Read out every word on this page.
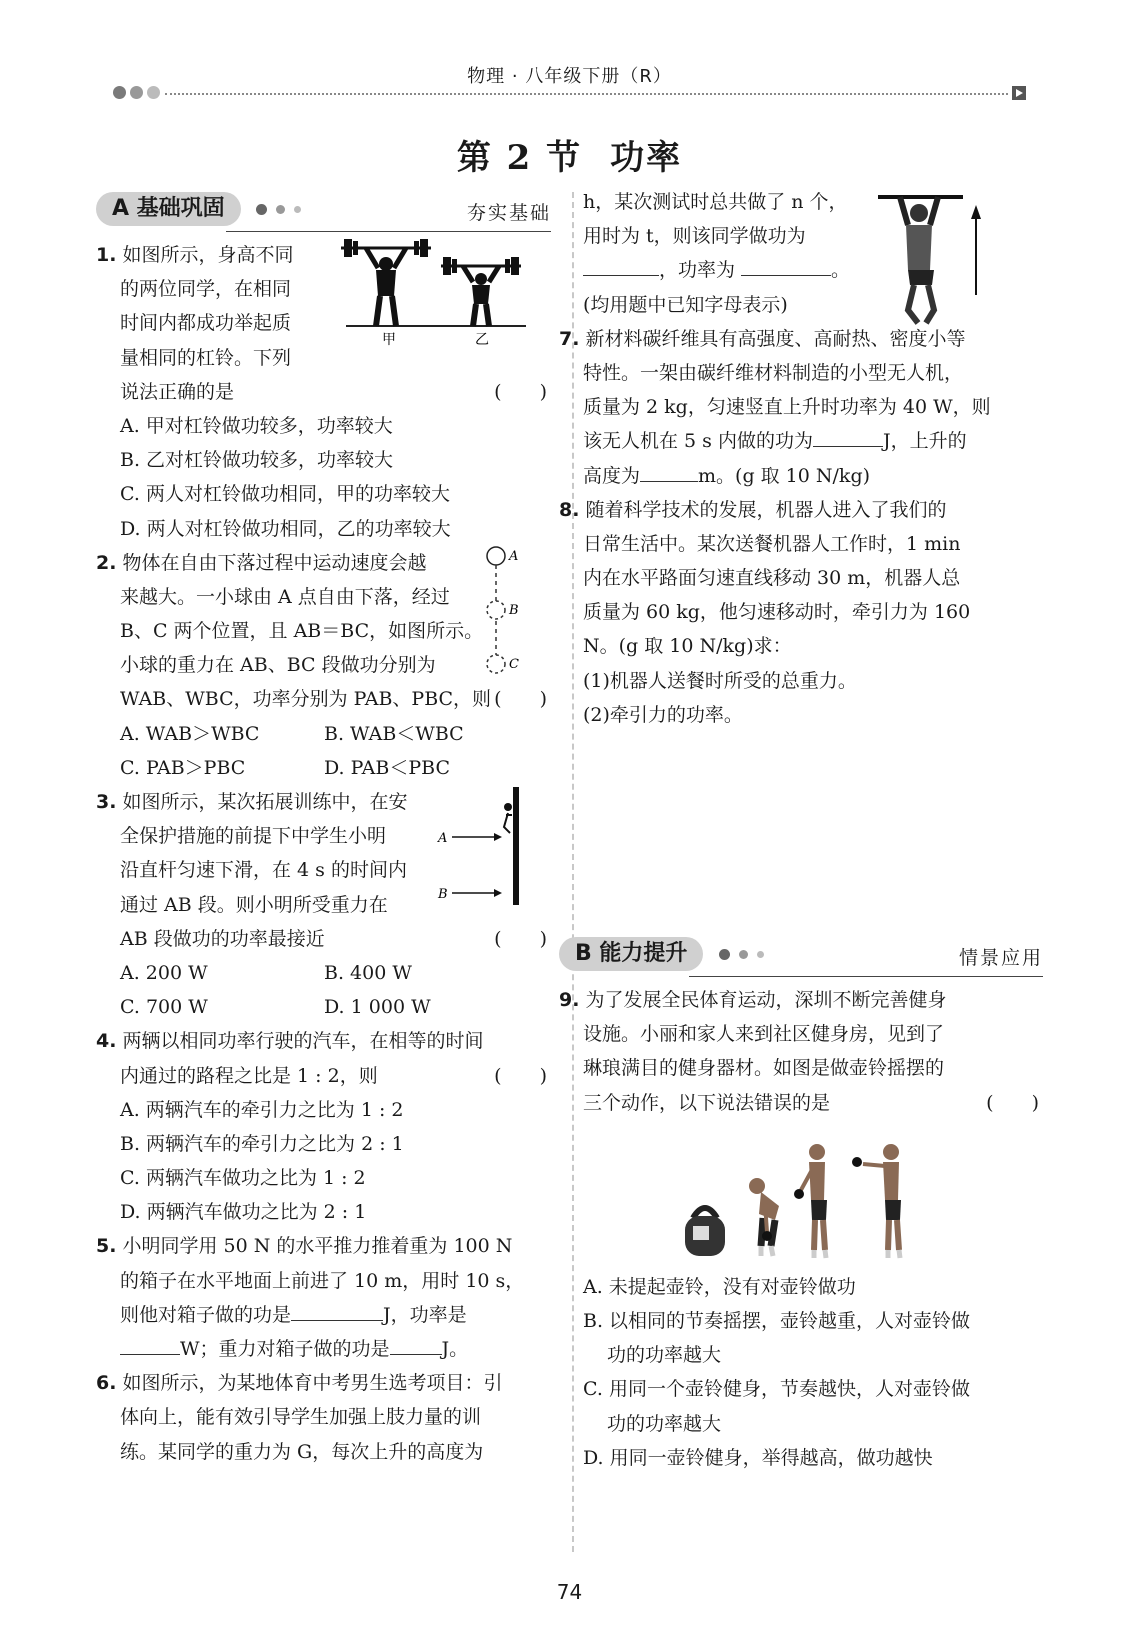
物理 · 八年级下册（R）
第 2 节 功率
A 基础巩固	夯实基础
1. 如图所示，身高不同
的两位同学，在相同
时间内都成功举起质
量相同的杠铃。下列
说法正确的是	(　　)
A. 甲对杠铃做功较多，功率较大
B. 乙对杠铃做功较多，功率较大
C. 两人对杠铃做功相同，甲的功率较大
D. 两人对杠铃做功相同，乙的功率较大
甲	乙
2. 物体在自由下落过程中运动速度会越
来越大。一小球由 A 点自由下落，经过
B、C 两个位置，且 AB＝BC，如图所示。
小球的重力在 AB、BC 段做功分别为
WAB、WBC，功率分别为 PAB、PBC，则 (　　)
A. WAB＞WBC	B. WAB＜WBC
C. PAB＞PBC	D. PAB＜PBC
A
B
C
3. 如图所示，某次拓展训练中，在安
全保护措施的前提下中学生小明
沿直杆匀速下滑，在 4 s 的时间内
通过 AB 段。则小明所受重力在
AB 段做功的功率最接近	(　　)
A. 200 W	B. 400 W
C. 700 W	D. 1 000 W
A
B
4. 两辆以相同功率行驶的汽车，在相等的时间
内通过的路程之比是 1 : 2，则	(　　)
A. 两辆汽车的牵引力之比为 1 : 2
B. 两辆汽车的牵引力之比为 2 : 1
C. 两辆汽车做功之比为 1 : 2
D. 两辆汽车做功之比为 2 : 1
5. 小明同学用 50 N 的水平推力推着重为 100 N
的箱子在水平地面上前进了 10 m，用时 10 s，
则他对箱子做的功是	J，功率是
W；重力对箱子做的功是	J。
6. 如图所示，为某地体育中考男生选考项目：引
体向上，能有效引导学生加强上肢力量的训
练。某同学的重力为 G，每次上升的高度为
h，某次测试时总共做了 n 个，
用时为 t，则该同学做功为
，功率为	。
(均用题中已知字母表示)
7. 新材料碳纤维具有高强度、高耐热、密度小等
特性。一架由碳纤维材料制造的小型无人机，
质量为 2 kg，匀速竖直上升时功率为 40 W，则
该无人机在 5 s 内做的功为	J，上升的
高度为	m。(g 取 10 N/kg)
8. 随着科学技术的发展，机器人进入了我们的
日常生活中。某次送餐机器人工作时，1 min
内在水平路面匀速直线移动 30 m，机器人总
质量为 60 kg，他匀速移动时，牵引力为 160
N。(g 取 10 N/kg)求：
(1)机器人送餐时所受的总重力。
(2)牵引力的功率。
B 能力提升	情景应用
9. 为了发展全民体育运动，深圳不断完善健身
设施。小丽和家人来到社区健身房，见到了
琳琅满目的健身器材。如图是做壶铃摇摆的
三个动作，以下说法错误的是	(　　)
A. 未提起壶铃，没有对壶铃做功
B. 以相同的节奏摇摆，壶铃越重，人对壶铃做
功的功率越大
C. 用同一个壶铃健身，节奏越快，人对壶铃做
功的功率越大
D. 用同一壶铃健身，举得越高，做功越快
74
